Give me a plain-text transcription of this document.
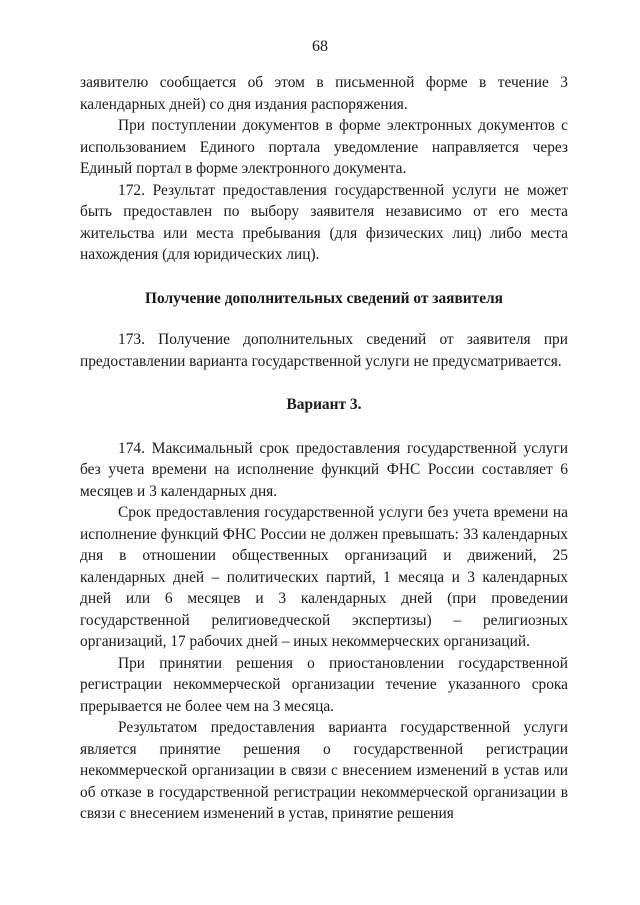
68

заявителю сообщается об этом в письменной форме в течение 3 календарных дней) со дня издания распоряжения.

При поступлении документов в форме электронных документов с использованием Единого портала уведомление направляется через Единый портал в форме электронного документа.

172. Результат предоставления государственной услуги не может быть предоставлен по выбору заявителя независимо от его места жительства или места пребывания (для физических лиц) либо места нахождения (для юридических лиц).

Получение дополнительных сведений от заявителя

173. Получение дополнительных сведений от заявителя при предоставлении варианта государственной услуги не предусматривается.

Вариант 3.

174. Максимальный срок предоставления государственной услуги без учета времени на исполнение функций ФНС России составляет 6 месяцев и 3 календарных дня.

Срок предоставления государственной услуги без учета времени на исполнение функций ФНС России не должен превышать: 33 календарных дня в отношении общественных организаций и движений, 25 календарных дней – политических партий, 1 месяца и 3 календарных дней или 6 месяцев и 3 календарных дней (при проведении государственной религиоведческой экспертизы) – религиозных организаций, 17 рабочих дней – иных некоммерческих организаций.

При принятии решения о приостановлении государственной регистрации некоммерческой организации течение указанного срока прерывается не более чем на 3 месяца.

Результатом предоставления варианта государственной услуги является принятие решения о государственной регистрации некоммерческой организации в связи с внесением изменений в устав или об отказе в государственной регистрации некоммерческой организации в связи с внесением изменений в устав, принятие решения
